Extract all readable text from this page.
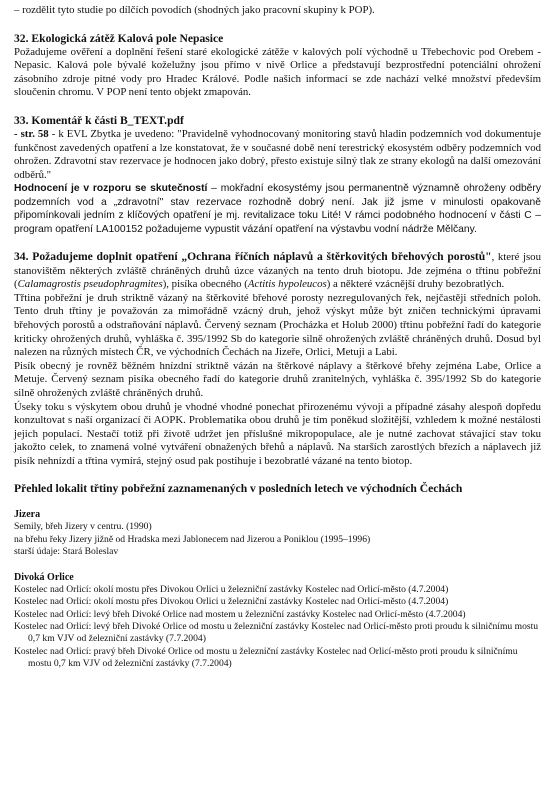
– rozdělit tyto studie po dílčích povodích (shodných jako pracovní skupiny k POP).

32. Ekologická zátěž Kalová pole Nepasice

Požadujeme ověření a doplnění řešení staré ekologické zátěže v kalových polí východně u Třebechovic pod Orebem - Nepasic. Kalová pole bývalé koželužny jsou přímo v nivě Orlice a představují bezprostřední potenciální ohrožení zásobního zdroje pitné vody pro Hradec Králové. Podle našich informací se zde nachází velké množství především sloučenin chromu. V POP není tento objekt zmapován.

33. Komentář k části B_TEXT.pdf

- str. 58 - k EVL Zbytka je uvedeno: "Pravidelně vyhodnocovaný monitoring stavů hladin podzemních vod dokumentuje funkčnost zavedených opatření a lze konstatovat, že v současné době není terestrický ekosystém odběry podzemních vod ohrožen. Zdravotní stav rezervace je hodnocen jako dobrý, přesto existuje silný tlak ze strany ekologů na další omezování odběrů."

Hodnocení je v rozporu se skutečností – mokřadní ekosystémy jsou permanentně významně ohroženy odběry podzemních vod a „zdravotní" stav rezervace rozhodně dobrý není. Jak již jsme v minulosti opakovaně připomínkovali jedním z klíčových opatření je mj. revitalizace toku Lité! V rámci podobného hodnocení v části C – program opatření LA100152 požadujeme vypustit vázání opatření na výstavbu vodní nádrže Mělčany.

34. Požadujeme doplnit opatření „Ochrana říčních náplavů a štěrkovitých břehových porostů", které jsou stanovištěm některých zvláště chráněných druhů úzce vázaných na tento druh biotopu. Jde zejména o třtinu pobřežní (Calamagrostis pseudophragmites), pisíka obecného (Actitis hypoleucos) a některé vzácnější druhy bezobratlých.

Třtina pobřežní je druh striktně vázaný na štěrkovité břehové porosty nezregulovaných řek, nejčastěji středních poloh. Tento druh třtiny je považován za mimořádně vzácný druh, jehož výskyt může být zničen technickými úpravami břehových porostů a odstraňování náplavů. Červený seznam (Procházka et Holub 2000) třtinu pobřežní řadí do kategorie kriticky ohrožených druhů, vyhláška č. 395/1992 Sb do kategorie silně ohrožených zvláště chráněných druhů. Dosud byl nalezen na různých místech ČR, ve východních Čechách na Jizeře, Orlici, Metuji a Labi.

Pisík obecný je rovněž běžném hnízdní striktně vázán na štěrkové náplavy a štěrkové břehy zejména Labe, Orlice a Metuje. Červený seznam pisíka obecného řadí do kategorie druhů zranitelných, vyhláška č. 395/1992 Sb do kategorie silně ohrožených zvláště chráněných druhů.

Úseky toku s výskytem obou druhů je vhodné vhodné ponechat přirozenému vývoji a případné zásahy alespoň dopředu konzultovat s naší organizací či AOPK. Problematika obou druhů je tím poněkud složitější, vzhledem k možné nestálosti jejich populací. Nestačí totiž při životě udržet jen příslušné mikropopulace, ale je nutné zachovat stávající stav toku jakožto celek, to znamená volné vytváření obnažených břehů a náplavů. Na starších zarostlých březích a náplavech již pisík nehnízdí a třtina vymírá, stejný osud pak postihuje i bezobratlé vázané na tento biotop.

Přehled lokalit třtiny pobřežní zaznamenaných v posledních letech ve východních Čechách
Jizera
Semily, břeh Jizery v centru. (1990)
na břehu řeky Jizery jižně od Hradska mezi Jablonecem nad Jizerou a Poniklou (1995–1996)
starší údaje: Stará Boleslav
Divoká Orlice
Kostelec nad Orlicí: okolí mostu přes Divokou Orlici u železniční zastávky Kostelec nad Orlicí-město (4.7.2004)
Kostelec nad Orlicí: okolí mostu přes Divokou Orlici u železniční zastávky Kostelec nad Orlicí-město (4.7.2004)
Kostelec nad Orlicí: levý břeh Divoké Orlice nad mostem u železniční zastávky Kostelec nad Orlicí-město (4.7.2004)
Kostelec nad Orlicí: levý břeh Divoké Orlice od mostu u železniční zastávky Kostelec nad Orlicí-město proti proudu k silničnímu mostu 0,7 km VJV od železniční zastávky (7.7.2004)
Kostelec nad Orlicí: pravý břeh Divoké Orlice od mostu u železniční zastávky Kostelec nad Orlicí-město proti proudu k silničnímu mostu 0,7 km VJV od železniční zastávky (7.7.2004)
